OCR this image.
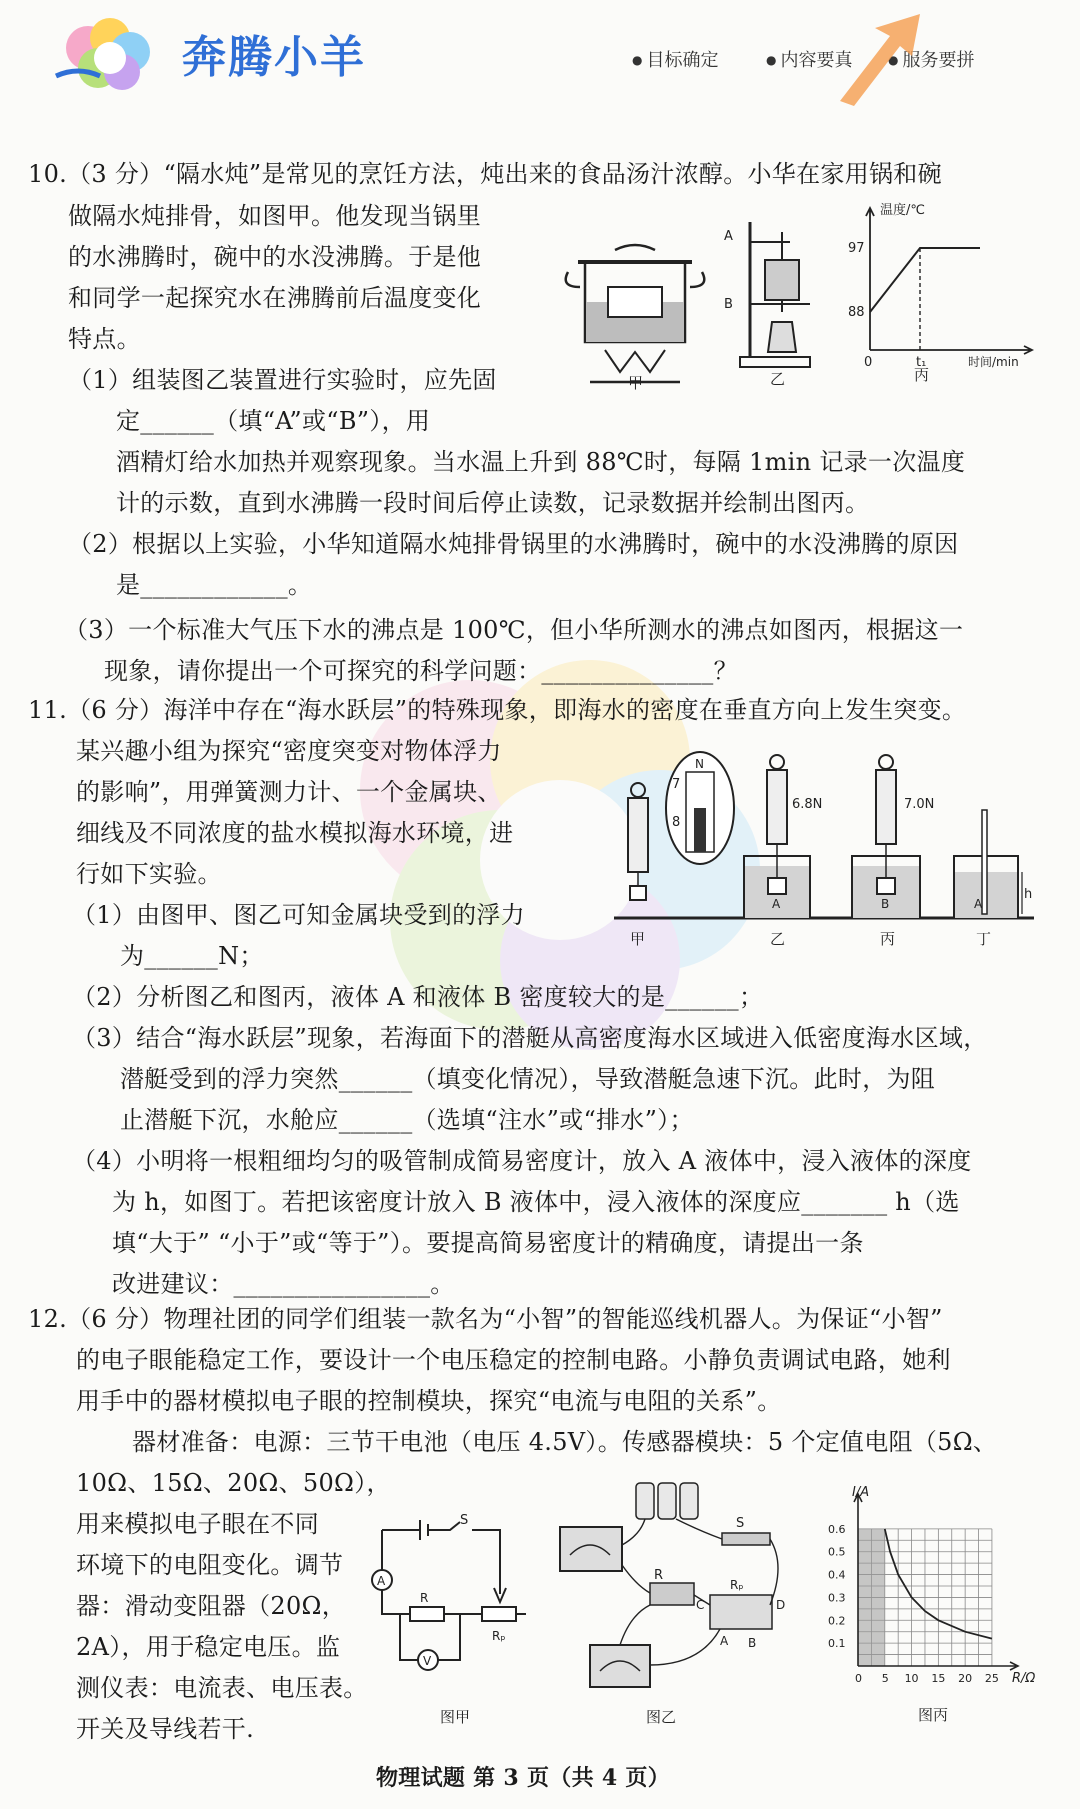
奔腾小羊	● 目标确定	● 内容要真	● 服务要拼
10.（3 分）“隔水炖”是常见的烹饪方法，炖出来的食品汤汁浓醇。小华在家用锅和碗
做隔水炖排骨，如图甲。他发现当锅里
的水沸腾时，碗中的水没沸腾。于是他
和同学一起探究水在沸腾前后温度变化
特点。
（1）组装图乙装置进行实验时，应先固
定______（填“A”或“B”），用
酒精灯给水加热并观察现象。当水温上升到 88℃时，每隔 1min 记录一次温度
计的示数，直到水沸腾一段时间后停止读数，记录数据并绘制出图丙。
（2）根据以上实验，小华知道隔水炖排骨锅里的水沸腾时，碗中的水没沸腾的原因
是____________。
（3）一个标准大气压下水的沸点是 100℃，但小华所测水的沸点如图丙，根据这一
现象，请你提出一个可探究的科学问题：______________？
甲
A
B
乙
温度/℃
97
88
0	t₁	时间/min
丙
11.（6 分）海洋中存在“海水跃层”的特殊现象，即海水的密度在垂直方向上发生突变。
某兴趣小组为探究“密度突变对物体浮力
的影响”，用弹簧测力计、一个金属块、
细线及不同浓度的盐水模拟海水环境，进
行如下实验。
（1）由图甲、图乙可知金属块受到的浮力
为______N；
（2）分析图乙和图丙，液体 A 和液体 B 密度较大的是______；
（3）结合“海水跃层”现象，若海面下的潜艇从高密度海水区域进入低密度海水区域，
潜艇受到的浮力突然______（填变化情况），导致潜艇急速下沉。此时，为阻
止潜艇下沉，水舱应______（选填“注水”或“排水”）；
（4）小明将一根粗细均匀的吸管制成简易密度计，放入 A 液体中，浸入液体的深度
为 h，如图丁。若把该密度计放入 B 液体中，浸入液体的深度应_______ h（选
填“大于” “小于”或“等于”）。要提高简易密度计的精确度，请提出一条
改进建议：________________。
N
7
8
6.8N
A
7.0N
B
h
A
甲	乙	丙	丁
12.（6 分）物理社团的同学们组装一款名为“小智”的智能巡线机器人。为保证“小智”
的电子眼能稳定工作，要设计一个电压稳定的控制电路。小静负责调试电路，她利
用手中的器材模拟电子眼的控制模块，探究“电流与电阻的关系”。
器材准备：电源：三节干电池（电压 4.5V）。传感器模块：5 个定值电阻（5Ω、
10Ω、15Ω、20Ω、50Ω），
用来模拟电子眼在不同
环境下的电阻变化。调节
器：滑动变阻器（20Ω，
2A），用于稳定电压。监
测仪表：电流表、电压表。
开关及导线若干.
S
A
R
Rₚ
V
图甲
R
S
Rₚ
C	D
A B
图乙
0.6
0.5
0.4
0.3
0.2
0.1
0 5 10 15 20 25
I/A
R/Ω
图丙
物理试题 第 3 页（共 4 页）
